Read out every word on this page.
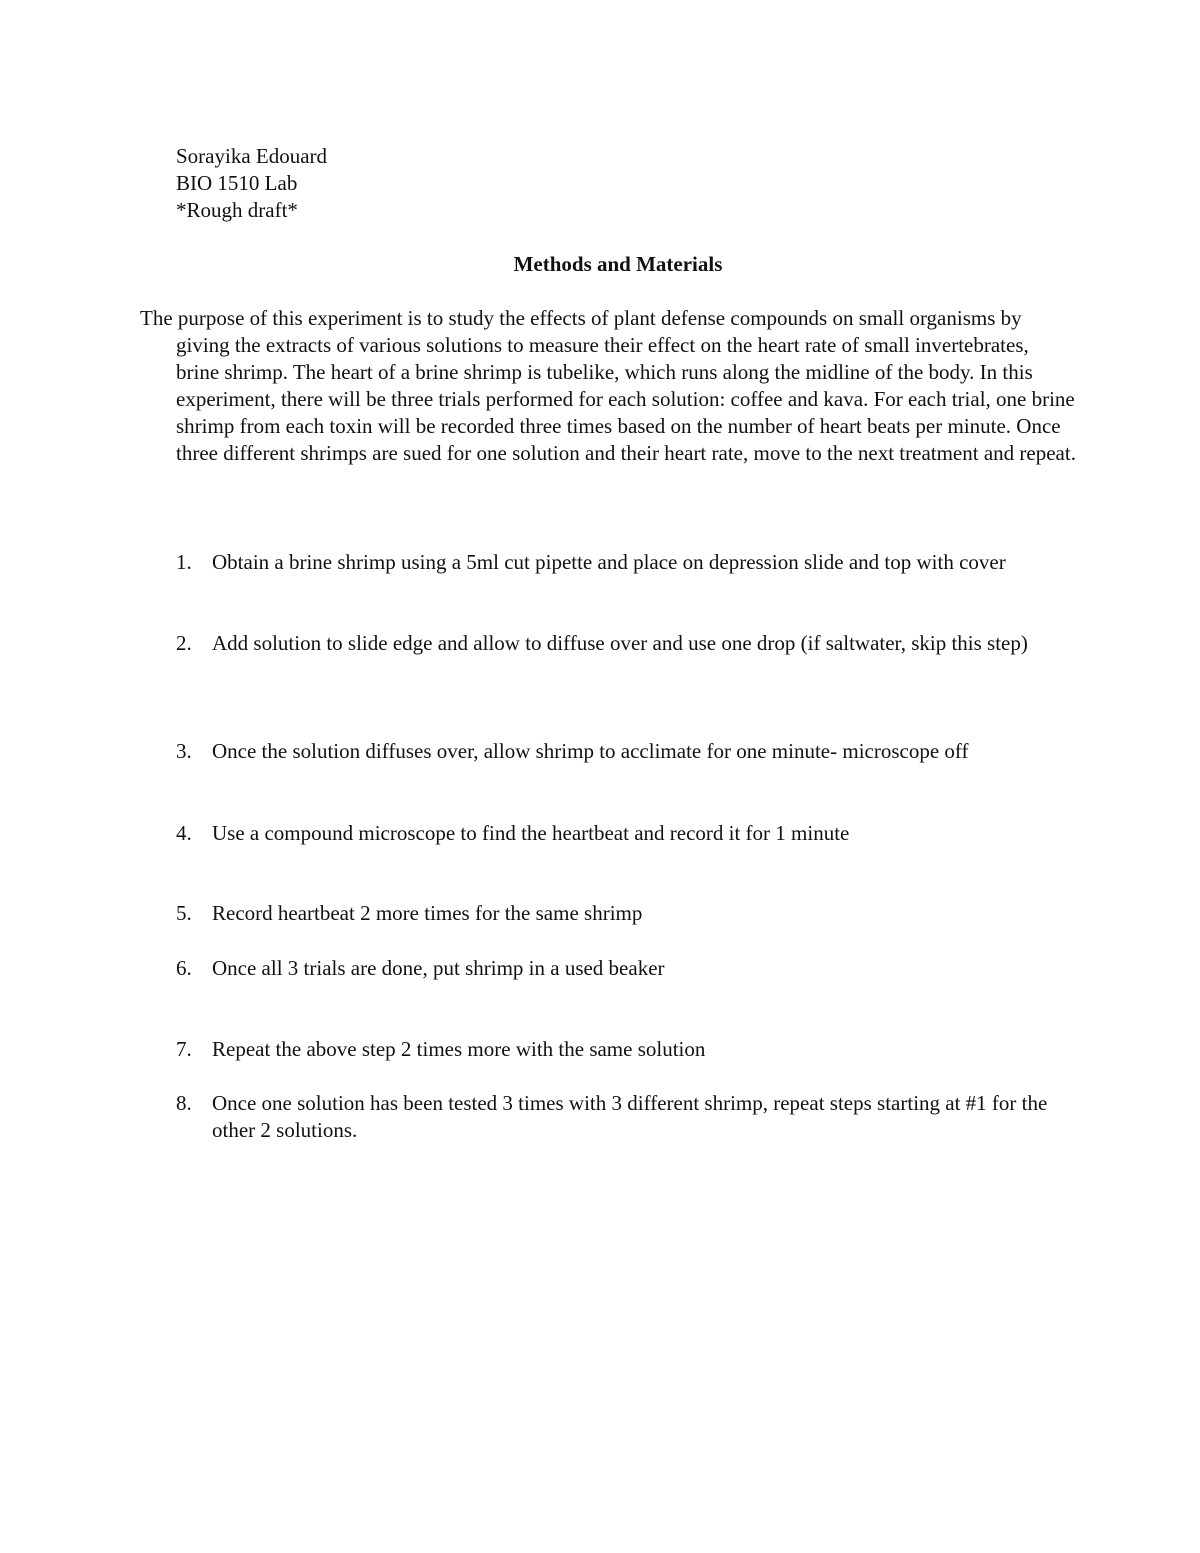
Sorayika Edouard
BIO 1510 Lab
*Rough draft*
Methods and Materials

The purpose of this experiment is to study the effects of plant defense compounds on small organisms by giving the extracts of various solutions to measure their effect on the heart rate of small invertebrates, brine shrimp. The heart of a brine shrimp is tubelike, which runs along the midline of the body. In this experiment, there will be three trials performed for each solution: coffee and kava. For each trial, one brine shrimp from each toxin will be recorded three times based on the number of heart beats per minute. Once three different shrimps are sued for one solution and their heart rate, move to the next treatment and repeat.

1. Obtain a brine shrimp using a 5ml cut pipette and place on depression slide and top with cover
2. Add solution to slide edge and allow to diffuse over and use one drop (if saltwater, skip this step)
3. Once the solution diffuses over, allow shrimp to acclimate for one minute- microscope off
4. Use a compound microscope to find the heartbeat and record it for 1 minute
5. Record heartbeat 2 more times for the same shrimp
6. Once all 3 trials are done, put shrimp in a used beaker
7. Repeat the above step 2 times more with the same solution
8. Once one solution has been tested 3 times with 3 different shrimp, repeat steps starting at #1 for the other 2 solutions.
